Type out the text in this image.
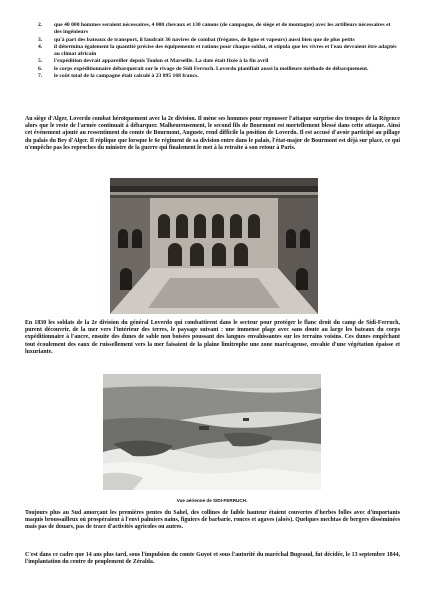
2. que 40 000 hommes seraient nécessaires, 4 000 chevaux et 130 canons (de campagne, de siège et de montagne) avec les artilleurs nécessaires et des ingénieurs
3. qu'à part des bateaux de transport, il faudrait 36 navires de combat (frégates, de ligne et vapeurs) aussi bien que de plus petits
4. il détermina également la quantité précise des équipements et rations pour chaque soldat, et stipula que les vivres et l'eau devraient être adaptés au climat africain
5. l'expédition devrait appareiller depuis Toulon et Marseille. La date était fixée à la fin avril
6. le corps expéditionnaire débarquerait sur le rivage de Sidi Ferruch. Loverdo planifiait aussi la meilleure méthode de débarquement.
7. le coût total de la campagne était calculé à 23 895 168 francs.

Au siège d'Alger, Loverdo combat héroïquement avec la 2e division. Il mène ses hommes pour repousser l'attaque surprise des troupes de la Régence alors que le reste de l'armée continuait à débarquer. Malheureusement, le second fils de Bourmont est mortellement blessé dans cette attaque. Ainsi cet événement ajouté au ressentiment du comte de Bourmont, Auguste, rend difficile la position de Loverdo. Il est accusé d'avoir participé au pillage du palais du Bey d'Alger. Il réplique que lorsque le 6e régiment de sa division entre dans le palais, l'état-major de Bourmont est déjà sur place, ce qui n'empêche pas les reproches du ministre de la guerre qui finalement le met à la retraite à son retour à Paris.

En 1830 les soldats de la 2e division du général Loverdo qui combattirent dans le secteur pour protéger le flanc droit du camp de Sidi-Ferruch, purent découvrir, de la mer vers l'intérieur des terres, le paysage suivant : une immense plage avec sans doute au large les bateaux du corps expéditionnaire à l'ancre, ensuite des dunes de sable non boisées poussant des langues envahissantes sur les terrains voisins. Ces dunes empêchant tout écoulement des eaux de ruissellement vers la mer faisaient de la plaine limitrophe une zone marécageuse, envahie d'une végétation épaisse et luxuriante.

Vue aérienne de SIDI-FERRUCH.

Toujours plus au Sud amorçant les premières pentes du Sahel, des collines de faible hauteur étaient couvertes d'herbes folles avec d'importants maquis broussailleux où prospéraient à l'envi palmiers nains, figuiers de barbarie, ronces et agaves (aloès). Quelques mechtas de bergers disséminées mais pas de douars, pas de trace d'activités agricoles ou autres.

C'est dans ce cadre que 14 ans plus tard, sous l'impulsion du comte Guyot et sous l'autorité du maréchal Bugeaud, fut décidée, le 13 septembre 1844, l'implantation du centre de peuplement de Zéralda.
